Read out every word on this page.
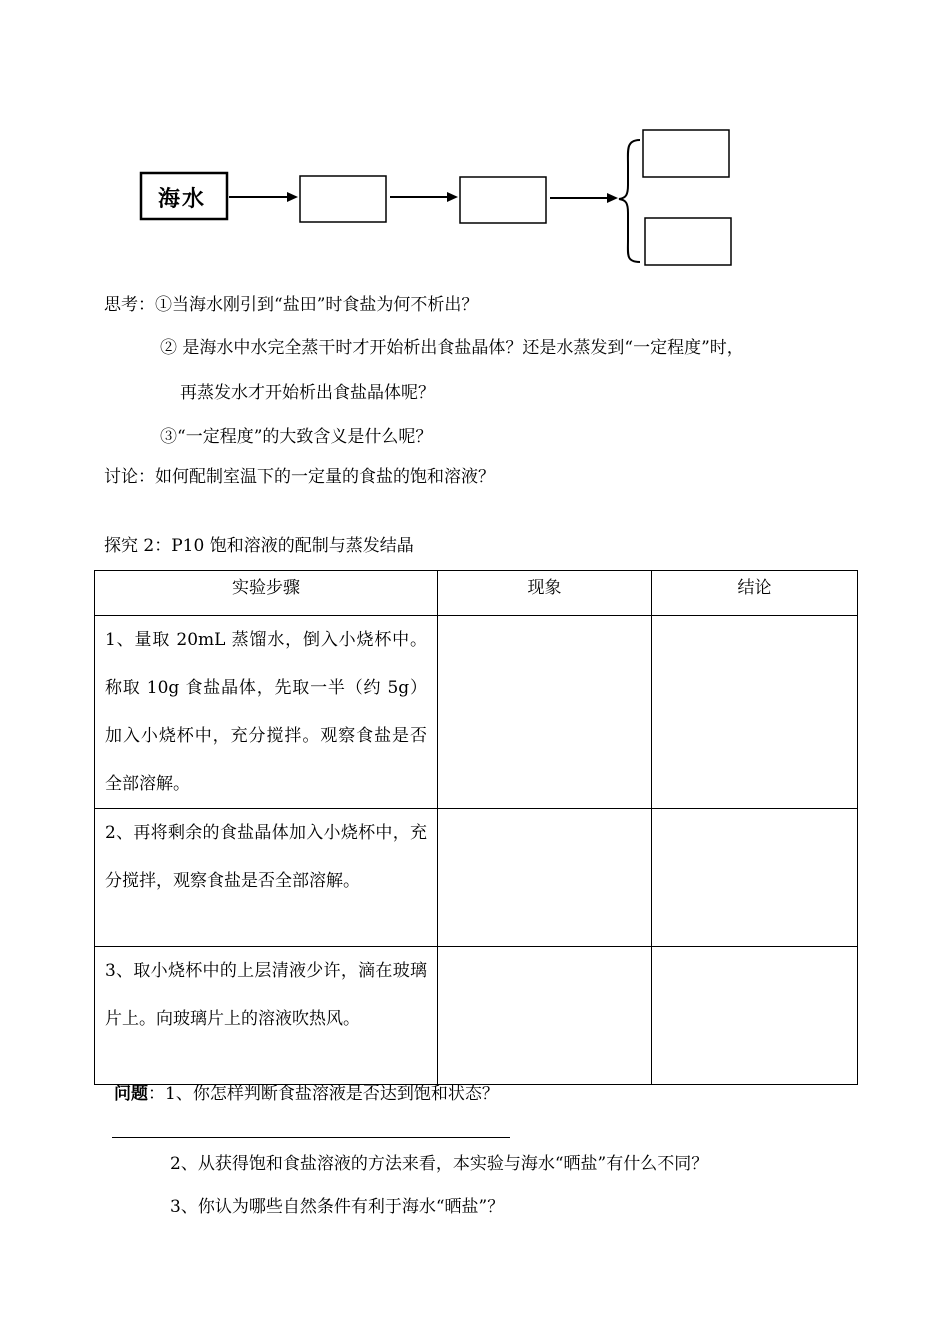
海水
思考：①当海水刚引到“盐田”时食盐为何不析出？
② 是海水中水完全蒸干时才开始析出食盐晶体？还是水蒸发到“一定程度”时，
再蒸发水才开始析出食盐晶体呢？
③“一定程度”的大致含义是什么呢？
讨论：如何配制室温下的一定量的食盐的饱和溶液？
探究 2：P10 饱和溶液的配制与蒸发结晶
实验步骤	现象	结论
1、量取 20mL 蒸馏水，倒入小烧杯中。称取 10g 食盐晶体，先取一半（约 5g）加入小烧杯中，充分搅拌。观察食盐是否全部溶解。		
2、再将剩余的食盐晶体加入小烧杯中，充分搅拌，观察食盐是否全部溶解。		
3、取小烧杯中的上层清液少许，滴在玻璃片上。向玻璃片上的溶液吹热风。		
问题：1、你怎样判断食盐溶液是否达到饱和状态？
2、从获得饱和食盐溶液的方法来看，本实验与海水“晒盐”有什么不同？
3、你认为哪些自然条件有利于海水“晒盐”？
